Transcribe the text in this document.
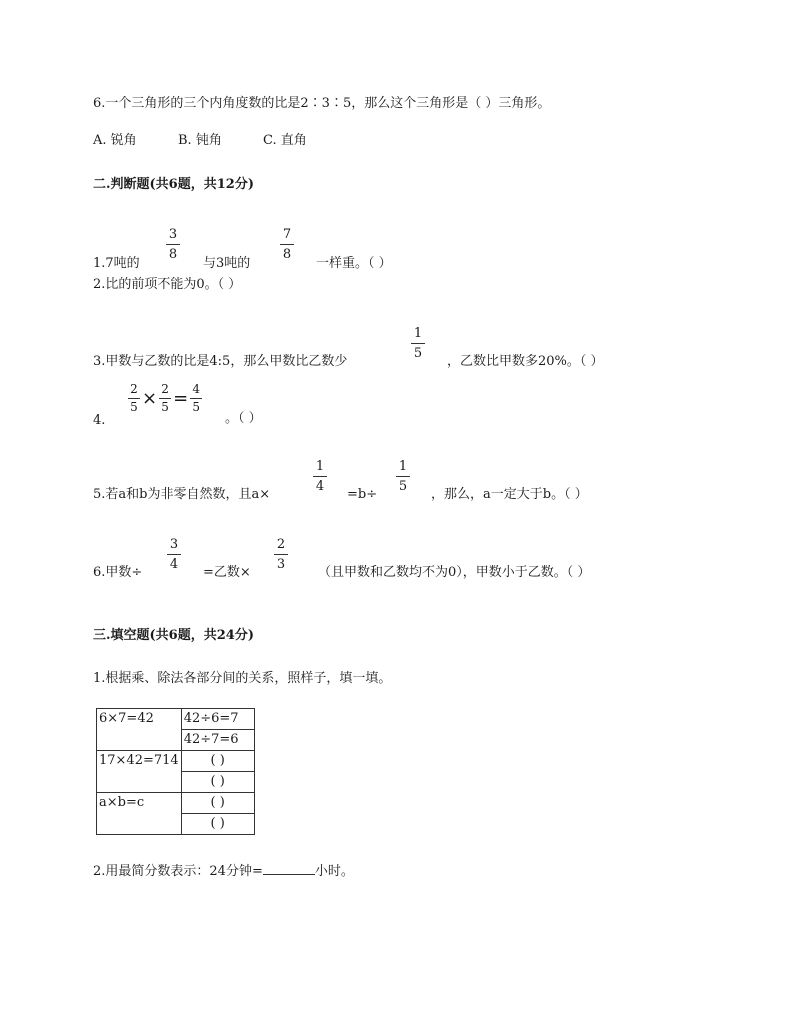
6.一个三角形的三个内角度数的比是2∶3∶5，那么这个三角形是（ ）三角形。
A. 锐角	B. 钝角	C. 直角
二.判断题(共6题，共12分)
1.7吨的
3
8
与3吨的
7
8
一样重。（ ）
2.比的前项不能为0。（ ）
3.甲数与乙数的比是4:5，那么甲数比乙数少
1
5
，乙数比甲数多20%。（ ）
4.
$\frac{2}{5} \times \frac{2}{5} = \frac{4}{5}$
。（ ）
5.若a和b为非零自然数，且a×
1
4
=b÷
1
5
，那么，a一定大于b。（ ）
6.甲数÷
3
4
=乙数×
2
3
（且甲数和乙数均不为0），甲数小于乙数。（ ）
三.填空题(共6题，共24分)
1.根据乘、除法各部分间的关系，照样子，填一填。
6×7=42	42÷6=7
	42÷7=6
17×42=714	( )
	( )
a×b=c	( )
	( )
2.用最简分数表示：24分钟=	小时。
